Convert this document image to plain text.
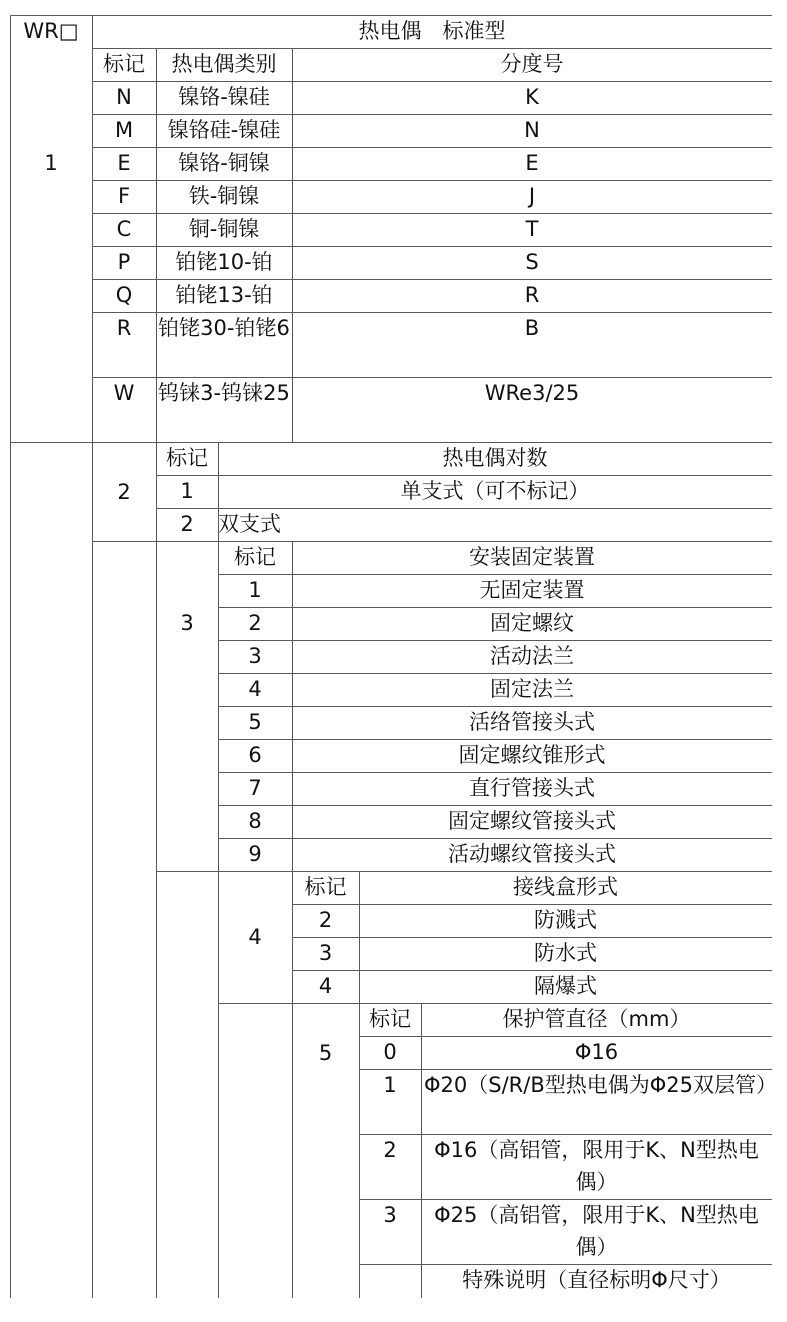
WR□	热电偶　标准型
1
标记	热电偶类别	分度号
N	镍铬-镍硅	K
M	镍铬硅-镍硅	N
E	镍铬-铜镍	E
F	铁-铜镍	J
C	铜-铜镍	T
P	铂铑10-铂	S
Q	铂铑13-铂	R
R	铂铑30-铂铑6	B
W	钨铼3-钨铼25	WRe3/25
2
标记	热电偶对数
1	单支式（可不标记）
2	双支式
3
标记	安装固定装置
1	无固定装置
2	固定螺纹
3	活动法兰
4	固定法兰
5	活络管接头式
6	固定螺纹锥形式
7	直行管接头式
8	固定螺纹管接头式
9	活动螺纹管接头式
4
标记	接线盒形式
2	防溅式
3	防水式
4	隔爆式
5
标记	保护管直径（mm）
0	Φ16
1	Φ20（S/R/B型热电偶为Φ25双层管）
2	Φ16（高铝管，限用于K、N型热电偶）
3	Φ25（高铝管，限用于K、N型热电偶）
特殊说明（直径标明Φ尺寸）
